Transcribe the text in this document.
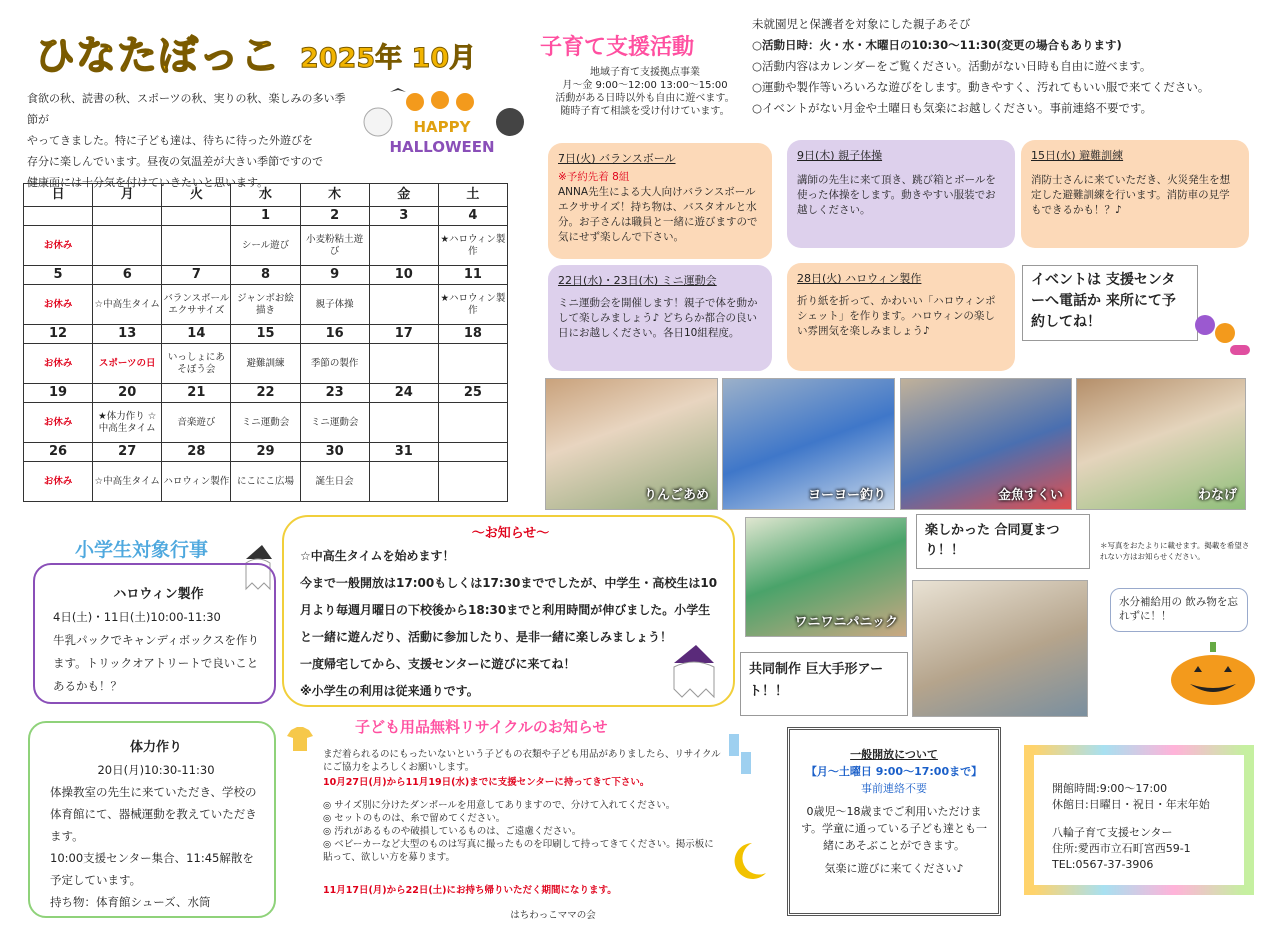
ひなたぼっこ 2025年 10月
食欲の秋、読書の秋、スポーツの秋、実りの秋、楽しみの多い季節が
やってきました。特に子ども達は、待ちに待った外遊びを
存分に楽しんでいます。昼夜の気温差が大きい季節ですので
健康面には十分気を付けていきたいと思います。
HAPPY
HALLOWEEN
日	月	火	水	木	金	土
			1	2	3	4
お休み			シール遊び	小麦粉粘土遊び		★ハロウィン製作
5	6	7	8	9	10	11
お休み	☆中高生タイム	バランスボールエクササイズ	ジャンボお絵描き	親子体操		★ハロウィン製作
12	13	14	15	16	17	18
お休み	スポーツの日	いっしょにあそぼう会	避難訓練	季節の製作		
19	20	21	22	23	24	25
お休み	★体力作り ☆中高生タイム	音楽遊び	ミニ運動会	ミニ運動会		
26	27	28	29	30	31	
お休み	☆中高生タイム	ハロウィン製作	にこにこ広場	誕生日会		
子育て支援活動
地域子育て支援拠点事業
月～金 9:00～12:00 13:00～15:00
活動がある日時以外も自由に遊べます。
随時子育て相談を受け付けています。
未就園児と保護者を対象にした親子あそび
○活動日時：火・水・木曜日の10:30～11:30(変更の場合もあります)
○活動内容はカレンダーをご覧ください。活動がない日時も自由に遊べます。
○運動や製作等いろいろな遊びをします。動きやすく、汚れてもいい服で来てください。
○イベントがない月金や土曜日も気楽にお越しください。事前連絡不要です。
7日(火) バランスボール
※予約先着 8組
ANNA先生による大人向けバランスボールエクササイズ！持ち物は、バスタオルと水分。お子さんは職員と一緒に遊びますので気にせず楽しんで下さい。
9日(木) 親子体操
講師の先生に来て頂き、跳び箱とボールを使った体操をします。動きやすい服装でお越しください。
15日(水) 避難訓練
消防士さんに来ていただき、火災発生を想定した避難訓練を行います。消防車の見学もできるかも！？♪
22日(水)・23日(木) ミニ運動会
ミニ運動会を開催します！親子で体を動かして楽しみましょう♪ どちらか都合の良い日にお越しください。各日10組程度。
28日(火) ハロウィン製作
折り紙を折って、かわいい「ハロウィンポシェット」を作ります。ハロウィンの楽しい雰囲気を楽しみましょう♪
イベントは 支援センターへ電話か 来所にて予約してね！
りんごあめ	ヨーヨー釣り	金魚すくい	わなげ
ワニワニパニック
楽しかった 合同夏まつり！！
共同制作 巨大手形アート！！
＊写真をおたよりに載せます。掲載を希望されない方はお知らせください。
水分補給用の 飲み物を忘れずに！！
小学生対象行事
ハロウィン製作
4日(土)・11日(土)10:00-11:30
牛乳パックでキャンディボックスを作ります。トリックオアトリートで良いことあるかも！？
体力作り
20日(月)10:30-11:30
体操教室の先生に来ていただき、学校の体育館にて、器械運動を教えていただきます。
10:00支援センター集合、11:45解散を予定しています。
持ち物：体育館シューズ、水筒
～お知らせ～
☆中高生タイムを始めます！
今まで一般開放は17:00もしくは17:30まででしたが、中学生・高校生は10月より毎週月曜日の下校後から18:30までと利用時間が伸びました。小学生と一緒に遊んだり、活動に参加したり、是非一緒に楽しみましょう！
一度帰宅してから、支援センターに遊びに来てね！
※小学生の利用は従来通りです。
子ども用品無料リサイクルのお知らせ
まだ着られるのにもったいないという子どもの衣類や子ども用品がありましたら、リサイクルにご協力をよろしくお願いします。
10月27日(月)から11月19日(水)までに支援センターに持ってきて下さい。
◎ サイズ別に分けたダンボールを用意してありますので、分けて入れてください。
◎ セットのものは、糸で留めてください。
◎ 汚れがあるものや破損しているものは、ご遠慮ください。
◎ ベビーカーなど大型のものは写真に撮ったものを印刷して持ってきてください。掲示板に貼って、欲しい方を募ります。
11月17日(月)から22日(土)にお持ち帰りいただく期間になります。
はちわっこママの会
一般開放について
【月～土曜日 9:00～17:00まで】
事前連絡不要
0歳児～18歳までご利用いただけます。学童に通っている子ども達とも一緒にあそぶことができます。
気楽に遊びに来てください♪
開館時間:9:00～17:00
休館日:日曜日・祝日・年末年始
八輪子育て支援センター
住所:愛西市立石町宮西59-1
TEL:0567-37-3906
